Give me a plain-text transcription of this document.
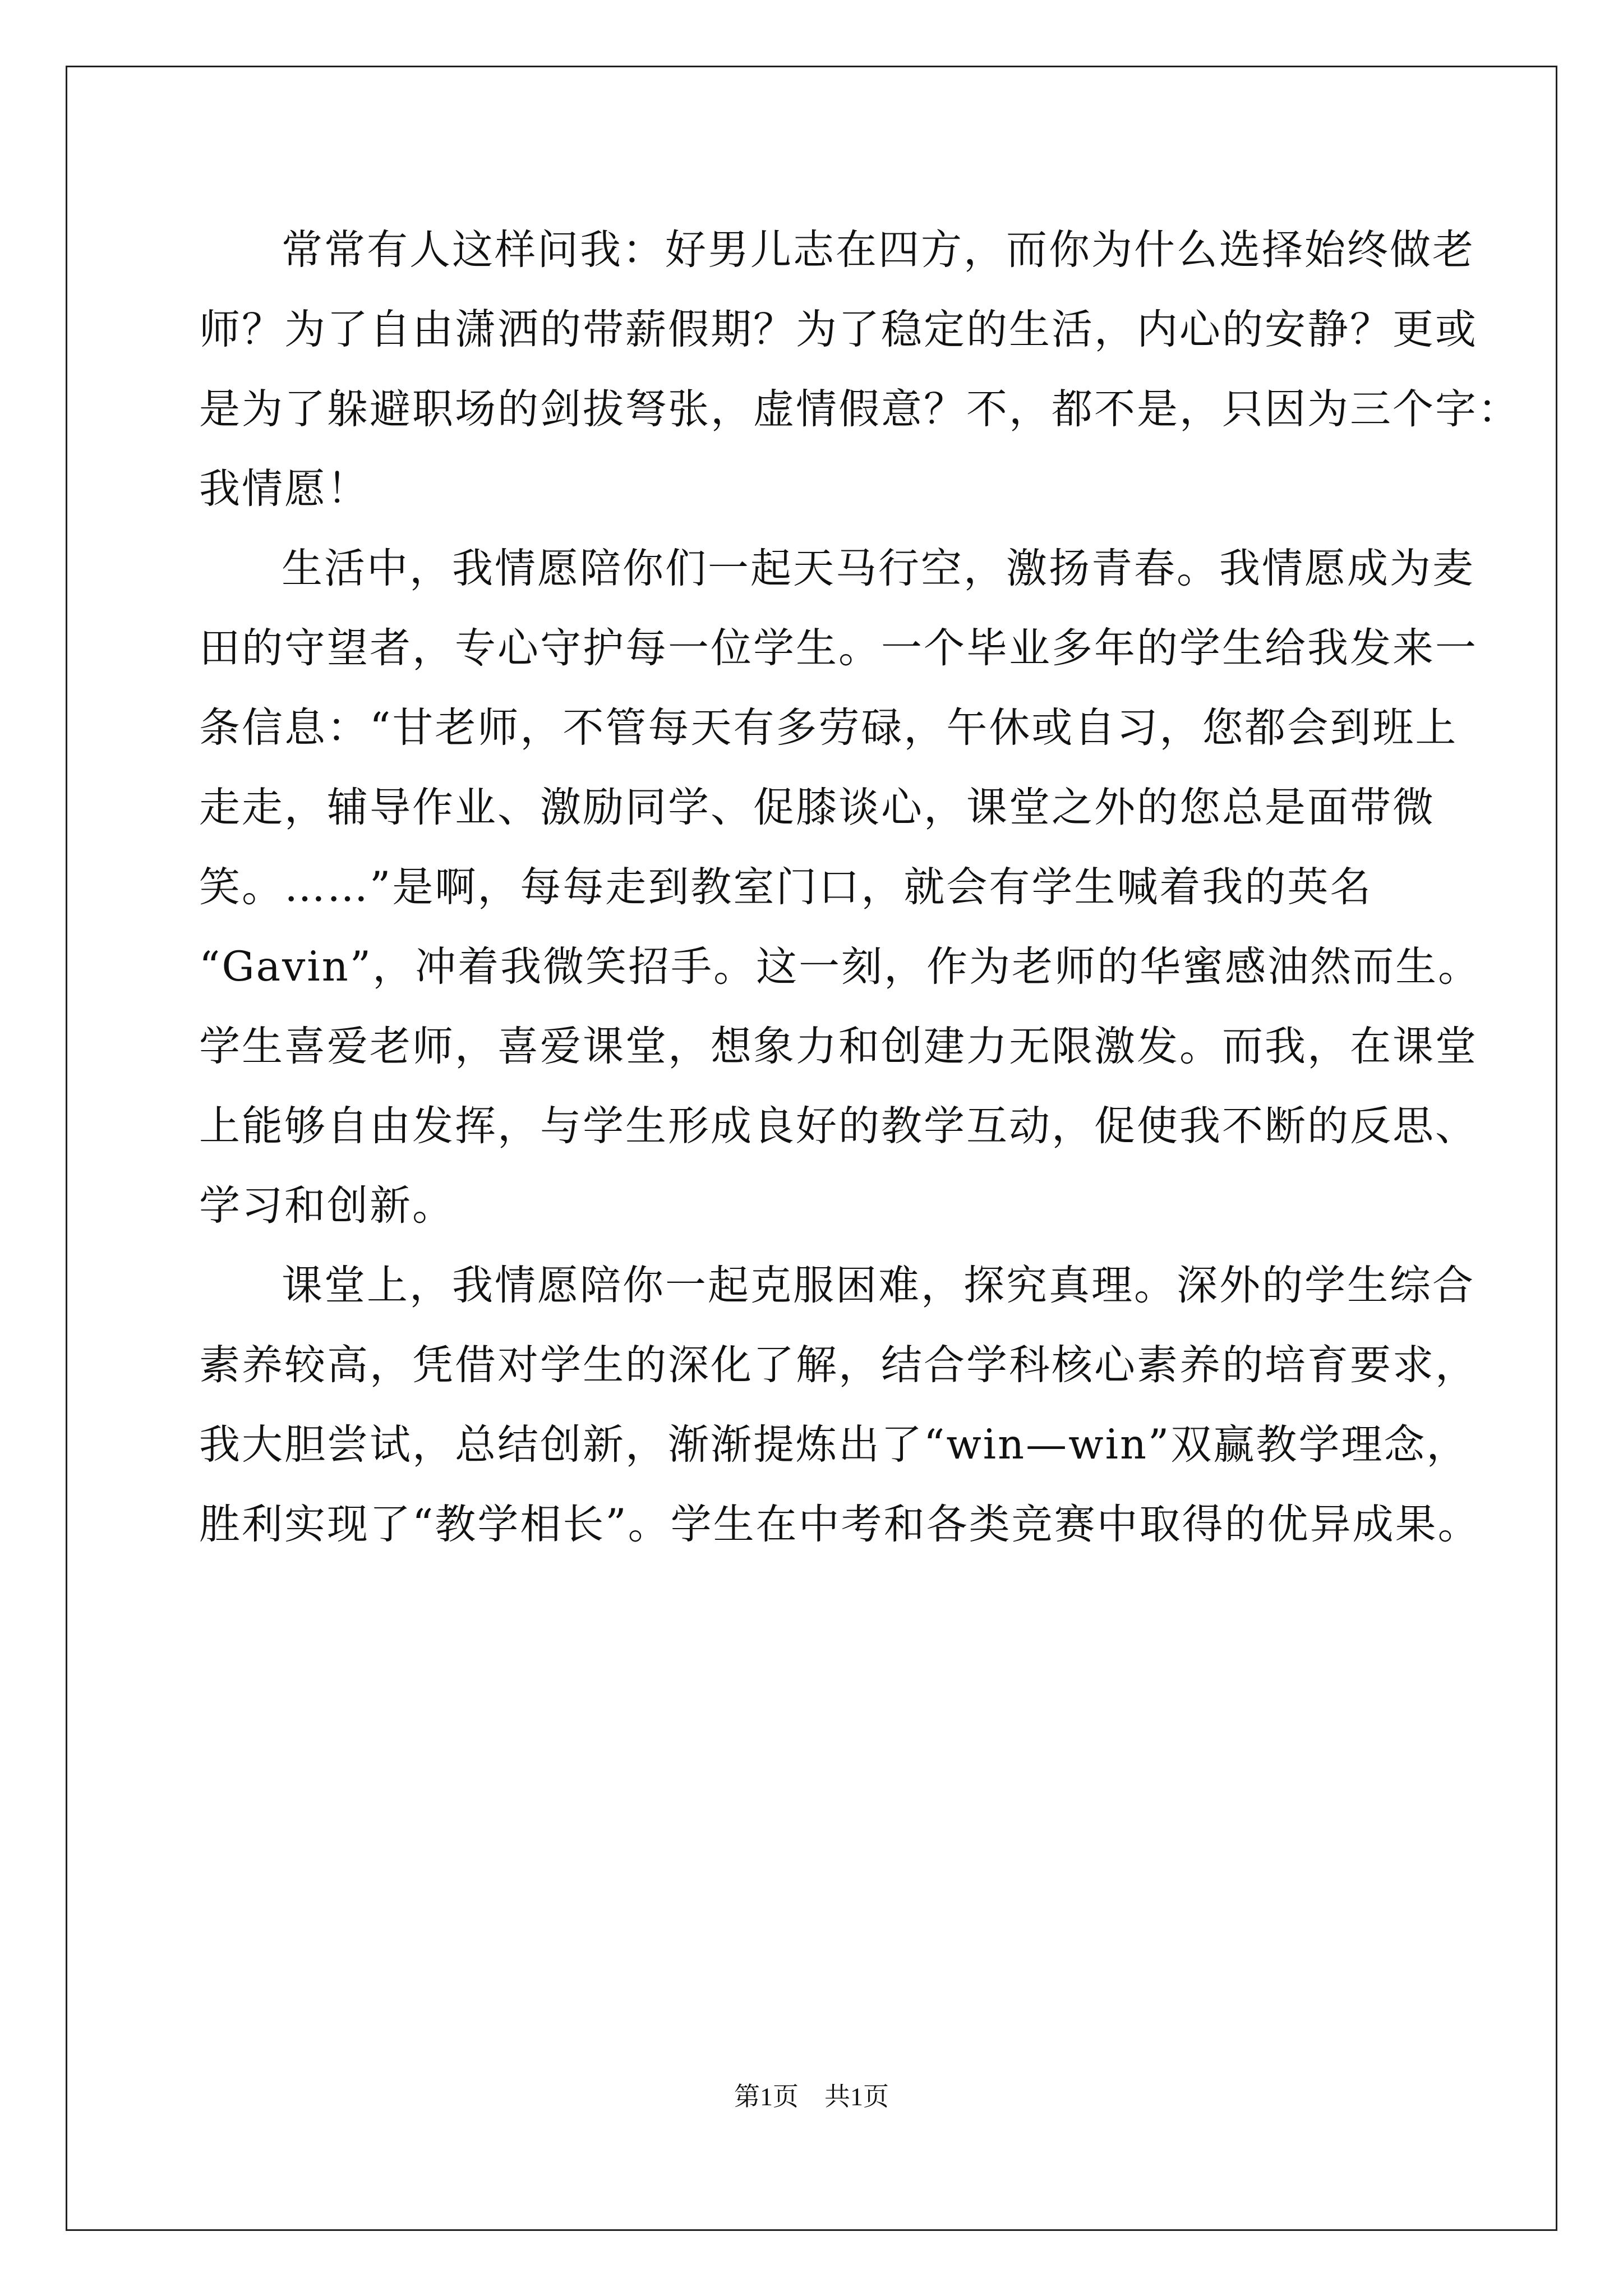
常常有人这样问我：好男儿志在四方，而你为什么选择始终做老
师？为了自由潇洒的带薪假期？为了稳定的生活，内心的安静？更或
是为了躲避职场的剑拔弩张，虚情假意？不，都不是，只因为三个字：
我情愿！
生活中，我情愿陪你们一起天马行空，激扬青春。我情愿成为麦
田的守望者，专心守护每一位学生。一个毕业多年的学生给我发来一
条信息：“甘老师，不管每天有多劳碌，午休或自习，您都会到班上
走走，辅导作业、激励同学、促膝谈心，课堂之外的您总是面带微
笑。……”是啊，每每走到教室门口，就会有学生喊着我的英名
“Gavin”，冲着我微笑招手。这一刻，作为老师的华蜜感油然而生。
学生喜爱老师，喜爱课堂，想象力和创建力无限激发。而我，在课堂
上能够自由发挥，与学生形成良好的教学互动，促使我不断的反思、
学习和创新。
课堂上，我情愿陪你一起克服困难，探究真理。深外的学生综合
素养较高，凭借对学生的深化了解，结合学科核心素养的培育要求，
我大胆尝试，总结创新，渐渐提炼出了“win—win”双赢教学理念，
胜利实现了“教学相长”。学生在中考和各类竞赛中取得的优异成果。
第1页　共1页
